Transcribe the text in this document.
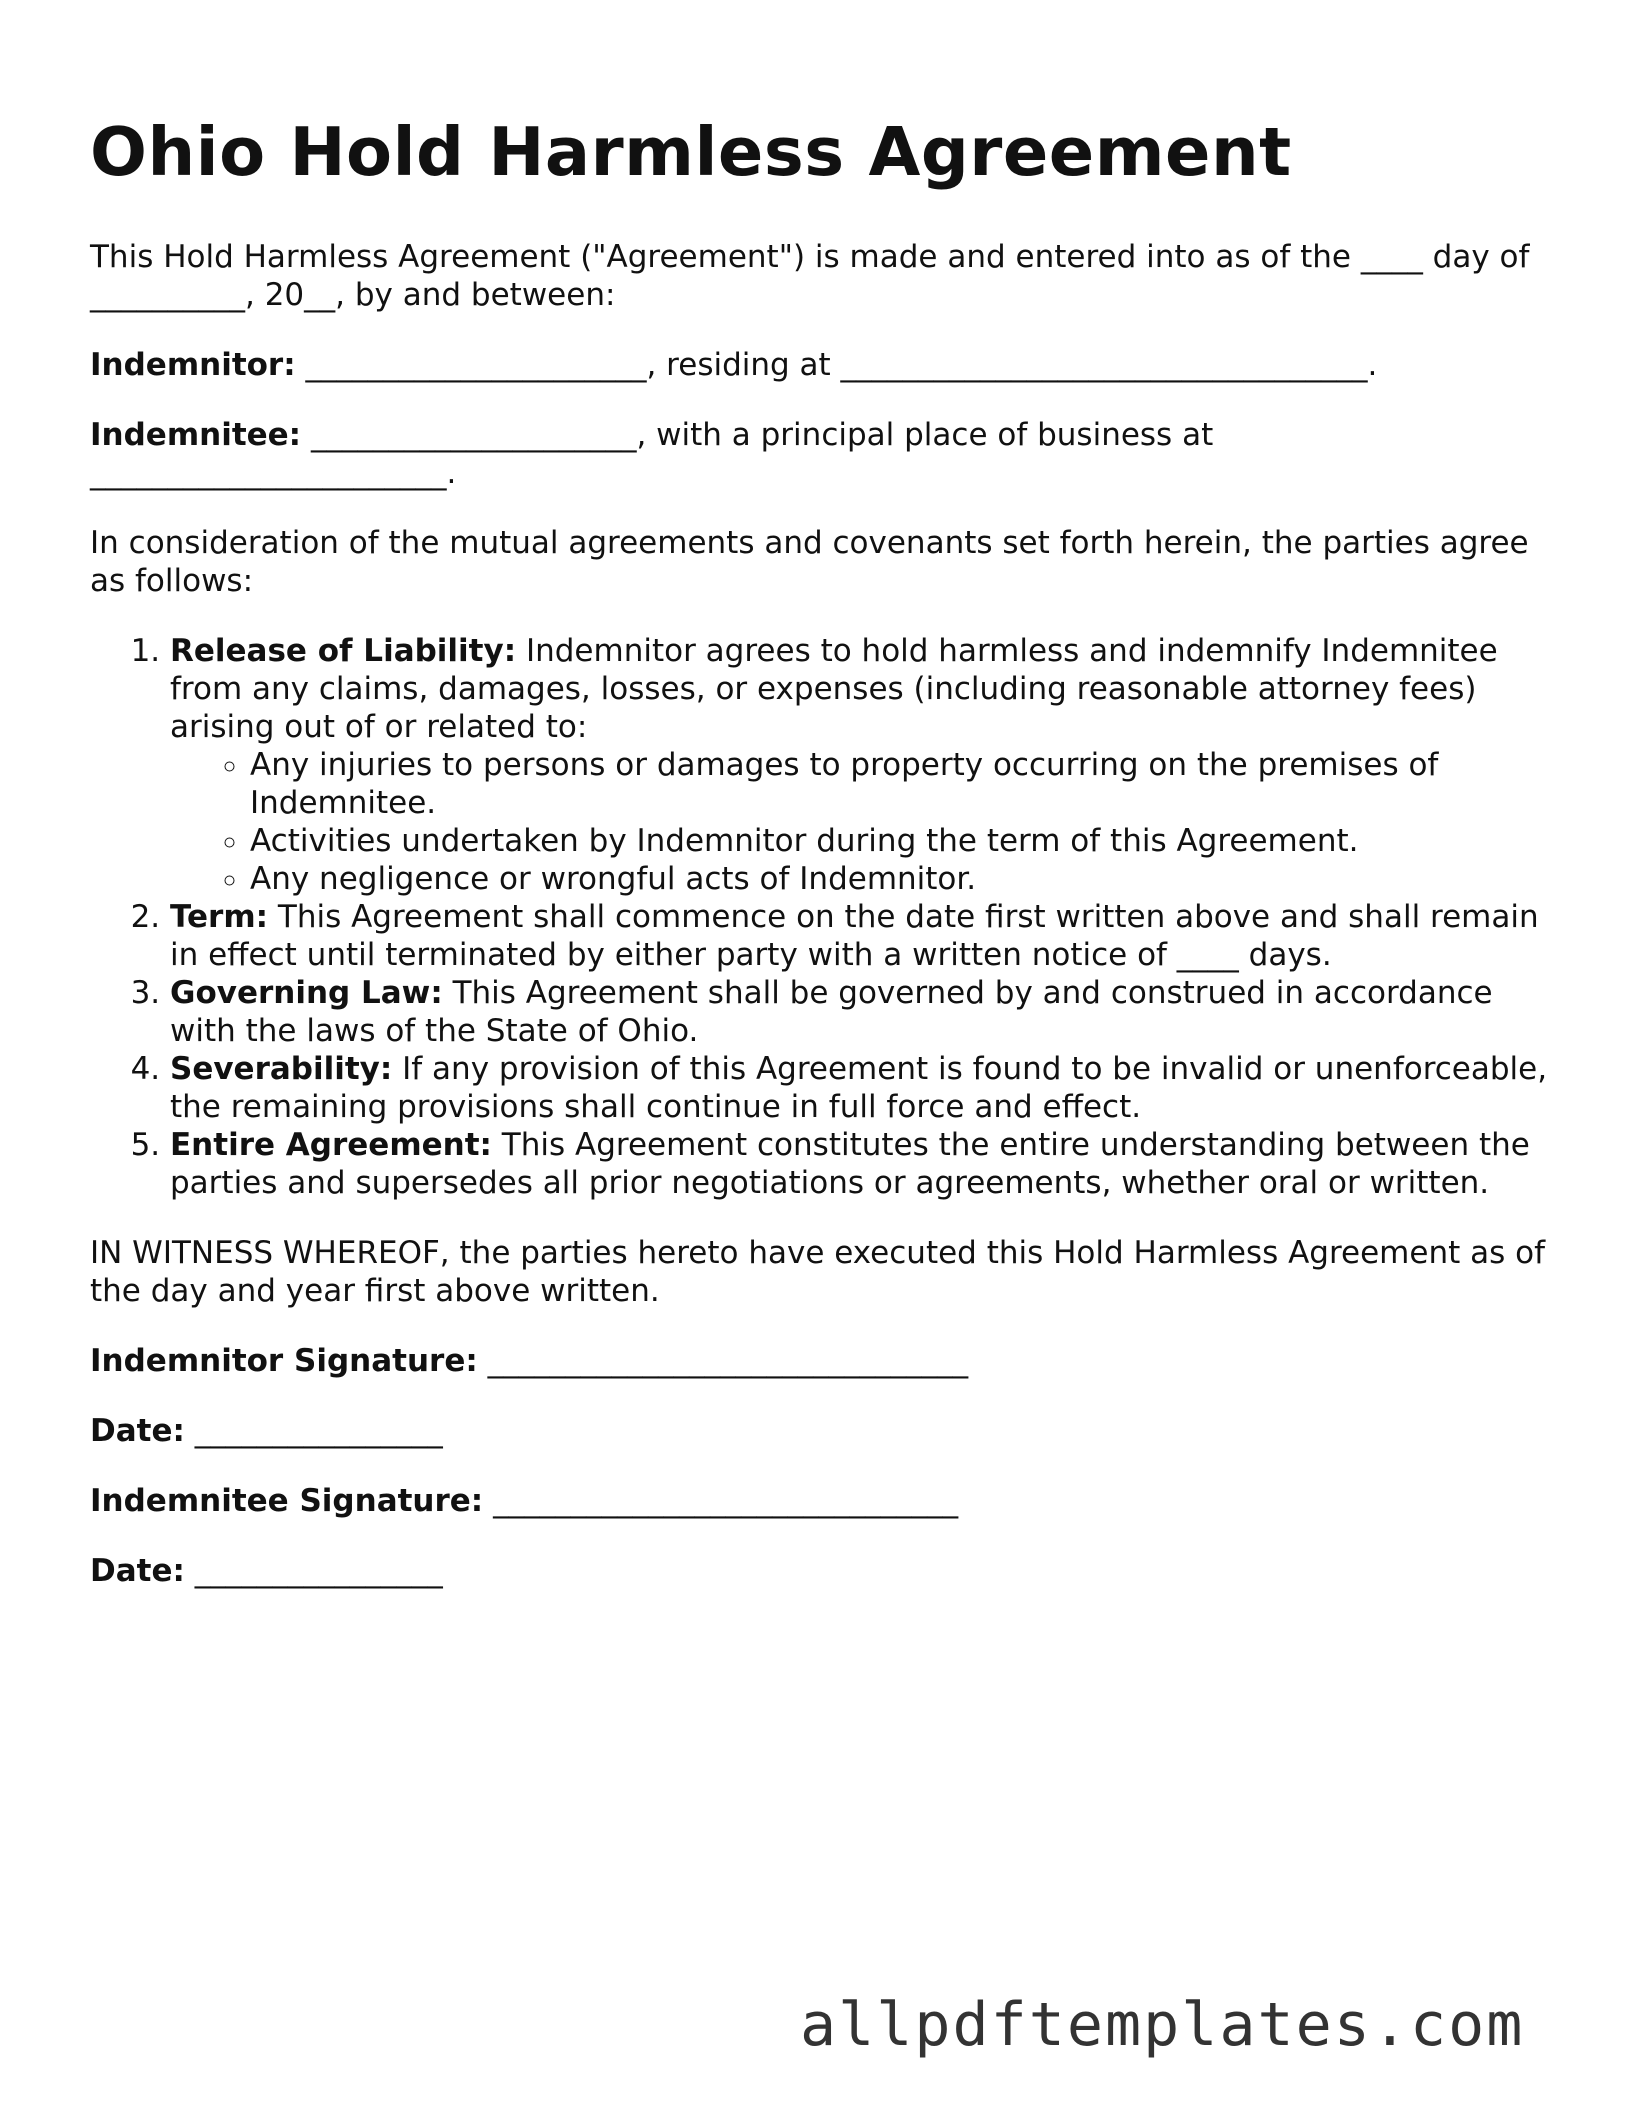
Ohio Hold Harmless Agreement

This Hold Harmless Agreement ("Agreement") is made and entered into as of the ____ day of __________, 20__, by and between:

Indemnitor: ______________________, residing at __________________________________.

Indemnitee: _____________________, with a principal place of business at _______________________.

In consideration of the mutual agreements and covenants set forth herein, the parties agree as follows:

1. Release of Liability: Indemnitor agrees to hold harmless and indemnify Indemnitee from any claims, damages, losses, or expenses (including reasonable attorney fees) arising out of or related to:
◦ Any injuries to persons or damages to property occurring on the premises of Indemnitee.
◦ Activities undertaken by Indemnitor during the term of this Agreement.
◦ Any negligence or wrongful acts of Indemnitor.
2. Term: This Agreement shall commence on the date first written above and shall remain in effect until terminated by either party with a written notice of ____ days.
3. Governing Law: This Agreement shall be governed by and construed in accordance with the laws of the State of Ohio.
4. Severability: If any provision of this Agreement is found to be invalid or unenforceable, the remaining provisions shall continue in full force and effect.
5. Entire Agreement: This Agreement constitutes the entire understanding between the parties and supersedes all prior negotiations or agreements, whether oral or written.

IN WITNESS WHEREOF, the parties hereto have executed this Hold Harmless Agreement as of the day and year first above written.

Indemnitor Signature: _______________________________
Date: ________________
Indemnitee Signature: ______________________________
Date: ________________
allpdftemplates.com
